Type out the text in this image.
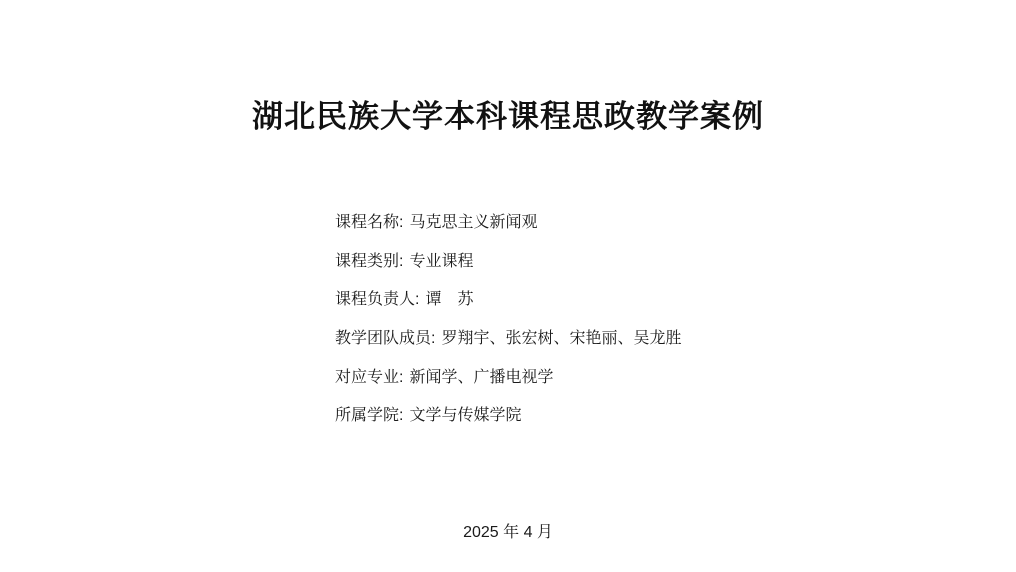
湖北民族大学本科课程思政教学案例
课程名称: 马克思主义新闻观
课程类别: 专业课程
课程负责人: 谭　苏
教学团队成员: 罗翔宇、张宏树、宋艳丽、吴龙胜
对应专业: 新闻学、广播电视学
所属学院: 文学与传媒学院
2025 年 4 月
